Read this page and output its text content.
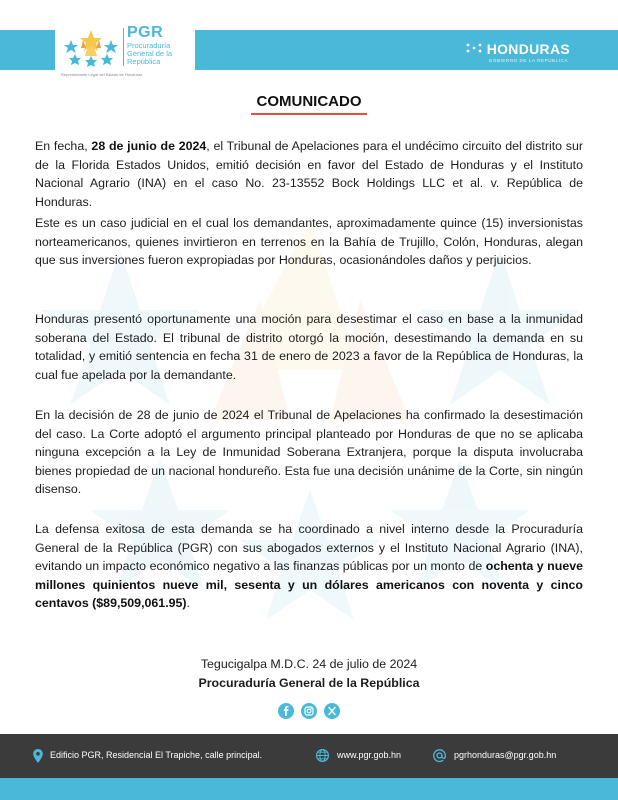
PGR
Procuraduría General de la República
Representante Legal del Estado de Honduras
HONDURAS
GOBIERNO DE LA REPÚBLICA
COMUNICADO
En fecha, 28 de junio de 2024, el Tribunal de Apelaciones para el undécimo circuito del distrito sur de la Florida Estados Unidos, emitió decisión en favor del Estado de Honduras y el Instituto Nacional Agrario (INA) en el caso No. 23-13552 Bock Holdings LLC et al. v. República de Honduras.
Este es un caso judicial en el cual los demandantes, aproximadamente quince (15) inversionistas norteamericanos, quienes invirtieron en terrenos en la Bahía de Trujillo, Colón, Honduras, alegan que sus inversiones fueron expropiadas por Honduras, ocasionándoles daños y perjuicios.
Honduras presentó oportunamente una moción para desestimar el caso en base a la inmunidad soberana del Estado. El tribunal de distrito otorgó la moción, desestimando la demanda en su totalidad, y emitió sentencia en fecha 31 de enero de 2023 a favor de la República de Honduras, la cual fue apelada por la demandante.
En la decisión de 28 de junio de 2024 el Tribunal de Apelaciones ha confirmado la desestimación del caso. La Corte adoptó el argumento principal planteado por Honduras de que no se aplicaba ninguna excepción a la Ley de Inmunidad Soberana Extranjera, porque la disputa involucraba bienes propiedad de un nacional hondureño. Esta fue una decisión unánime de la Corte, sin ningún disenso.
La defensa exitosa de esta demanda se ha coordinado a nivel interno desde la Procuraduría General de la República (PGR) con sus abogados externos y el Instituto Nacional Agrario (INA), evitando un impacto económico negativo a las finanzas públicas por un monto de ochenta y nueve millones quinientos nueve mil, sesenta y un dólares americanos con noventa y cinco centavos ($89,509,061.95).
Tegucigalpa M.D.C. 24 de julio de 2024
Procuraduría General de la República
Edificio PGR, Residencial El Trapiche, calle principal.	www.pgr.gob.hn	pgrhonduras@pgr.gob.hn
